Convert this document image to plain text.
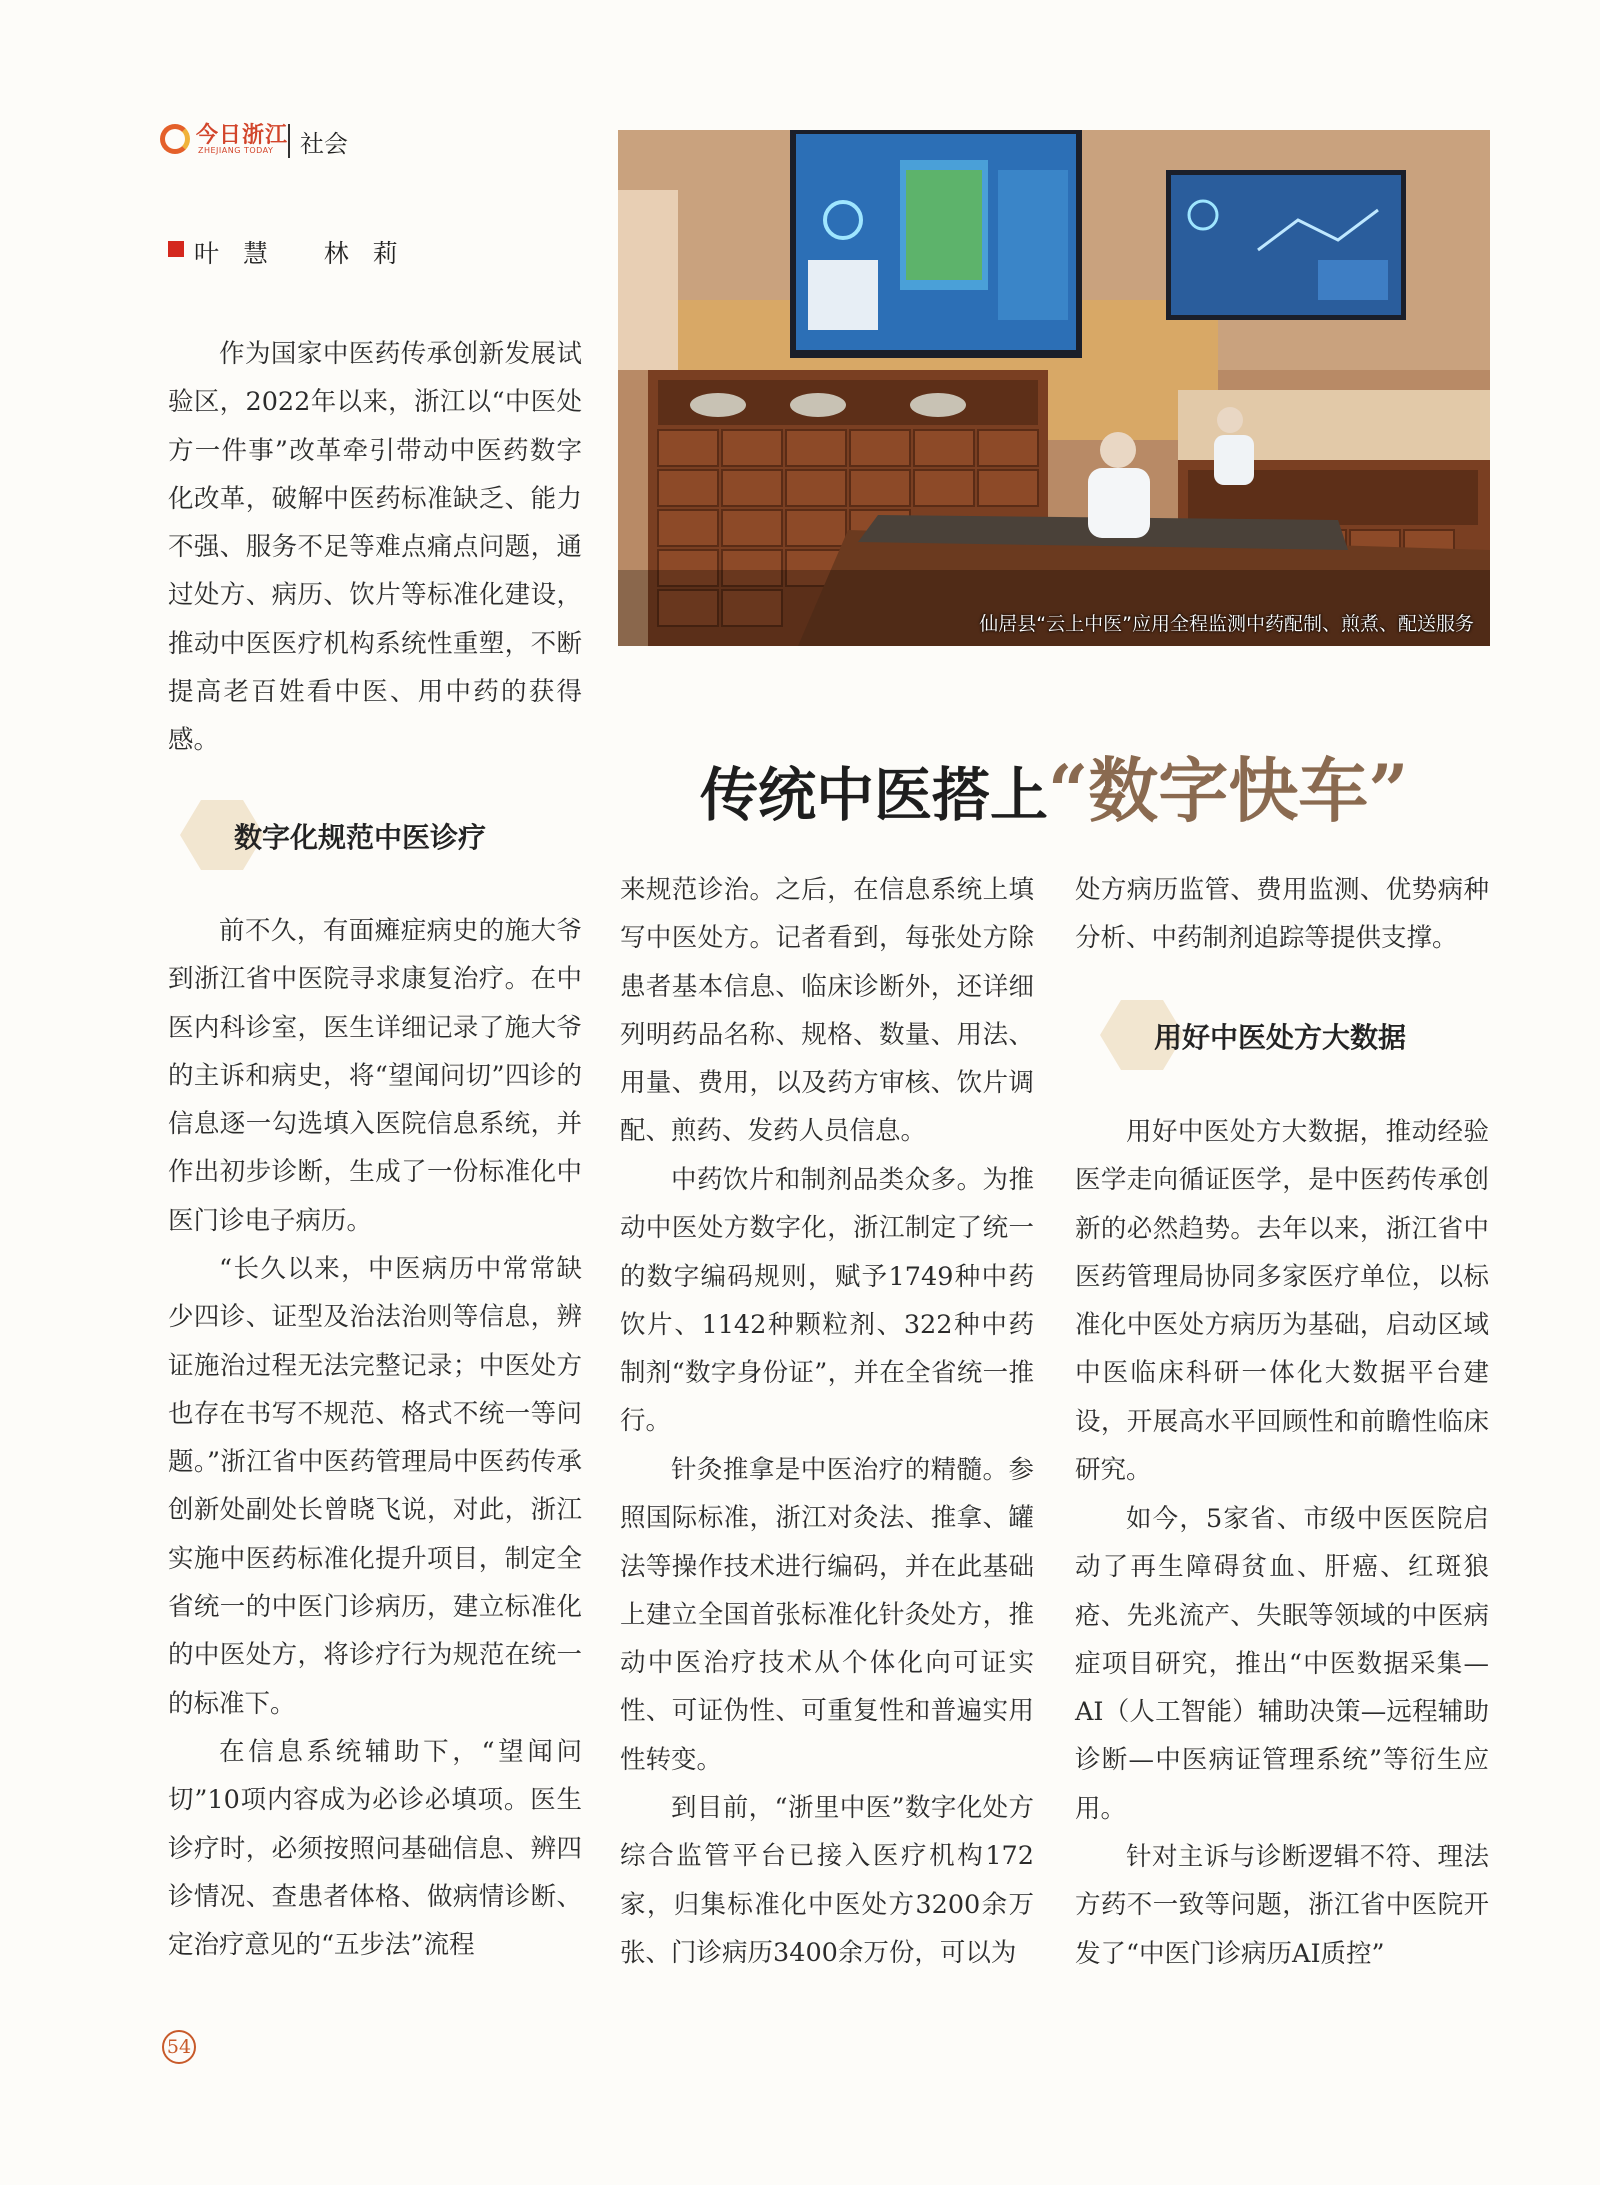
今日浙江
ZHEJIANG TODAY 社会
叶 慧   林 莉

作为国家中医药传承创新发展试验区，2022年以来，浙江以“中医处方一件事”改革牵引带动中医药数字化改革，破解中医药标准缺乏、能力不强、服务不足等难点痛点问题，通过处方、病历、饮片等标准化建设，推动中医医疗机构系统性重塑，不断提高老百姓看中医、用中药的获得感。

数字化规范中医诊疗

前不久，有面瘫症病史的施大爷到浙江省中医院寻求康复治疗。在中医内科诊室，医生详细记录了施大爷的主诉和病史，将“望闻问切”四诊的信息逐一勾选填入医院信息系统，并作出初步诊断，生成了一份标准化中医门诊电子病历。

“长久以来，中医病历中常常缺少四诊、证型及治法治则等信息，辨证施治过程无法完整记录；中医处方也存在书写不规范、格式不统一等问题。”浙江省中医药管理局中医药传承创新处副处长曾晓飞说，对此，浙江实施中医药标准化提升项目，制定全省统一的中医门诊病历，建立标准化的中医处方，将诊疗行为规范在统一的标准下。

在信息系统辅助下，“望闻问切”10项内容成为必诊必填项。医生诊疗时，必须按照问基础信息、辨四诊情况、查患者体格、做病情诊断、定治疗意见的“五步法”流程

仙居县“云上中医”应用全程监测中药配制、煎煮、配送服务
传统中医搭上“数字快车”

来规范诊治。之后，在信息系统上填写中医处方。记者看到，每张处方除患者基本信息、临床诊断外，还详细列明药品名称、规格、数量、用法、用量、费用，以及药方审核、饮片调配、煎药、发药人员信息。

中药饮片和制剂品类众多。为推动中医处方数字化，浙江制定了统一的数字编码规则，赋予1749种中药饮片、1142种颗粒剂、322种中药制剂“数字身份证”，并在全省统一推行。

针灸推拿是中医治疗的精髓。参照国际标准，浙江对灸法、推拿、罐法等操作技术进行编码，并在此基础上建立全国首张标准化针灸处方，推动中医治疗技术从个体化向可证实性、可证伪性、可重复性和普遍实用性转变。

到目前，“浙里中医”数字化处方综合监管平台已接入医疗机构172家，归集标准化中医处方3200余万张、门诊病历3400余万份，可以为

处方病历监管、费用监测、优势病种分析、中药制剂追踪等提供支撑。

用好中医处方大数据

用好中医处方大数据，推动经验医学走向循证医学，是中医药传承创新的必然趋势。去年以来，浙江省中医药管理局协同多家医疗单位，以标准化中医处方病历为基础，启动区域中医临床科研一体化大数据平台建设，开展高水平回顾性和前瞻性临床研究。

如今，5家省、市级中医医院启动了再生障碍贫血、肝癌、红斑狼疮、先兆流产、失眠等领域的中医病症项目研究，推出“中医数据采集—AI（人工智能）辅助决策—远程辅助诊断—中医病证管理系统”等衍生应用。

针对主诉与诊断逻辑不符、理法方药不一致等问题，浙江省中医院开发了“中医门诊病历AI质控”

54
